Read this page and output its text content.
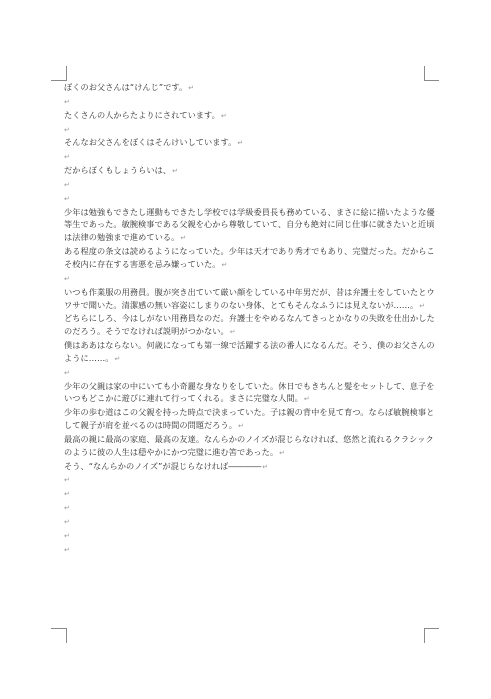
ぼくのお父さんは“けんじ”です。↵

↵

たくさんの人からたよりにされています。↵

↵

そんなお父さんをぼくはそんけいしています。↵

↵

だからぼくもしょうらいは、↵

↵

↵

少年は勉強もできたし運動もできたし学校では学級委員長も務めている、まさに絵に描いたような優等生であった。敏腕検事である父親を心から尊敬していて、自分も絶対に同じ仕事に就きたいと近頃は法律の勉強まで進めている。↵

ある程度の条文は読めるようになっていた。少年は天才であり秀才でもあり、完璧だった。だからこそ校内に存在する害悪を忌み嫌っていた。↵

↵

いつも作業服の用務員。腹が突き出ていて厳い顔をしている中年男だが、昔は弁護士をしていたとウワサで聞いた。清潔感の無い容姿にしまりのない身体、とてもそんなふうには見えないが……。↵

どちらにしろ、今はしがない用務員なのだ。弁護士をやめるなんてきっとかなりの失敗を仕出かしたのだろう。そうでなければ説明がつかない。↵

僕はああはならない。何歳になっても第一線で活躍する法の番人になるんだ。そう、僕のお父さんのように……。↵

↵

少年の父親は家の中にいても小奇麗な身なりをしていた。休日でもきちんと髪をセットして、息子をいつもどこかに遊びに連れて行ってくれる。まさに完璧な人間。↵

少年の歩む道はこの父親を持った時点で決まっていた。子は親の背中を見て育つ。ならば敏腕検事として親子が肩を並べるのは時間の問題だろう。↵

最高の親に最高の家庭、最高の友達。なんらかのノイズが混じらなければ、悠然と流れるクラシックのように彼の人生は穏やかにかつ完璧に進む筈であった。↵

そう、“なんらかのノイズ”が混じらなければ――――↵

↵

↵

↵

↵

↵

↵
